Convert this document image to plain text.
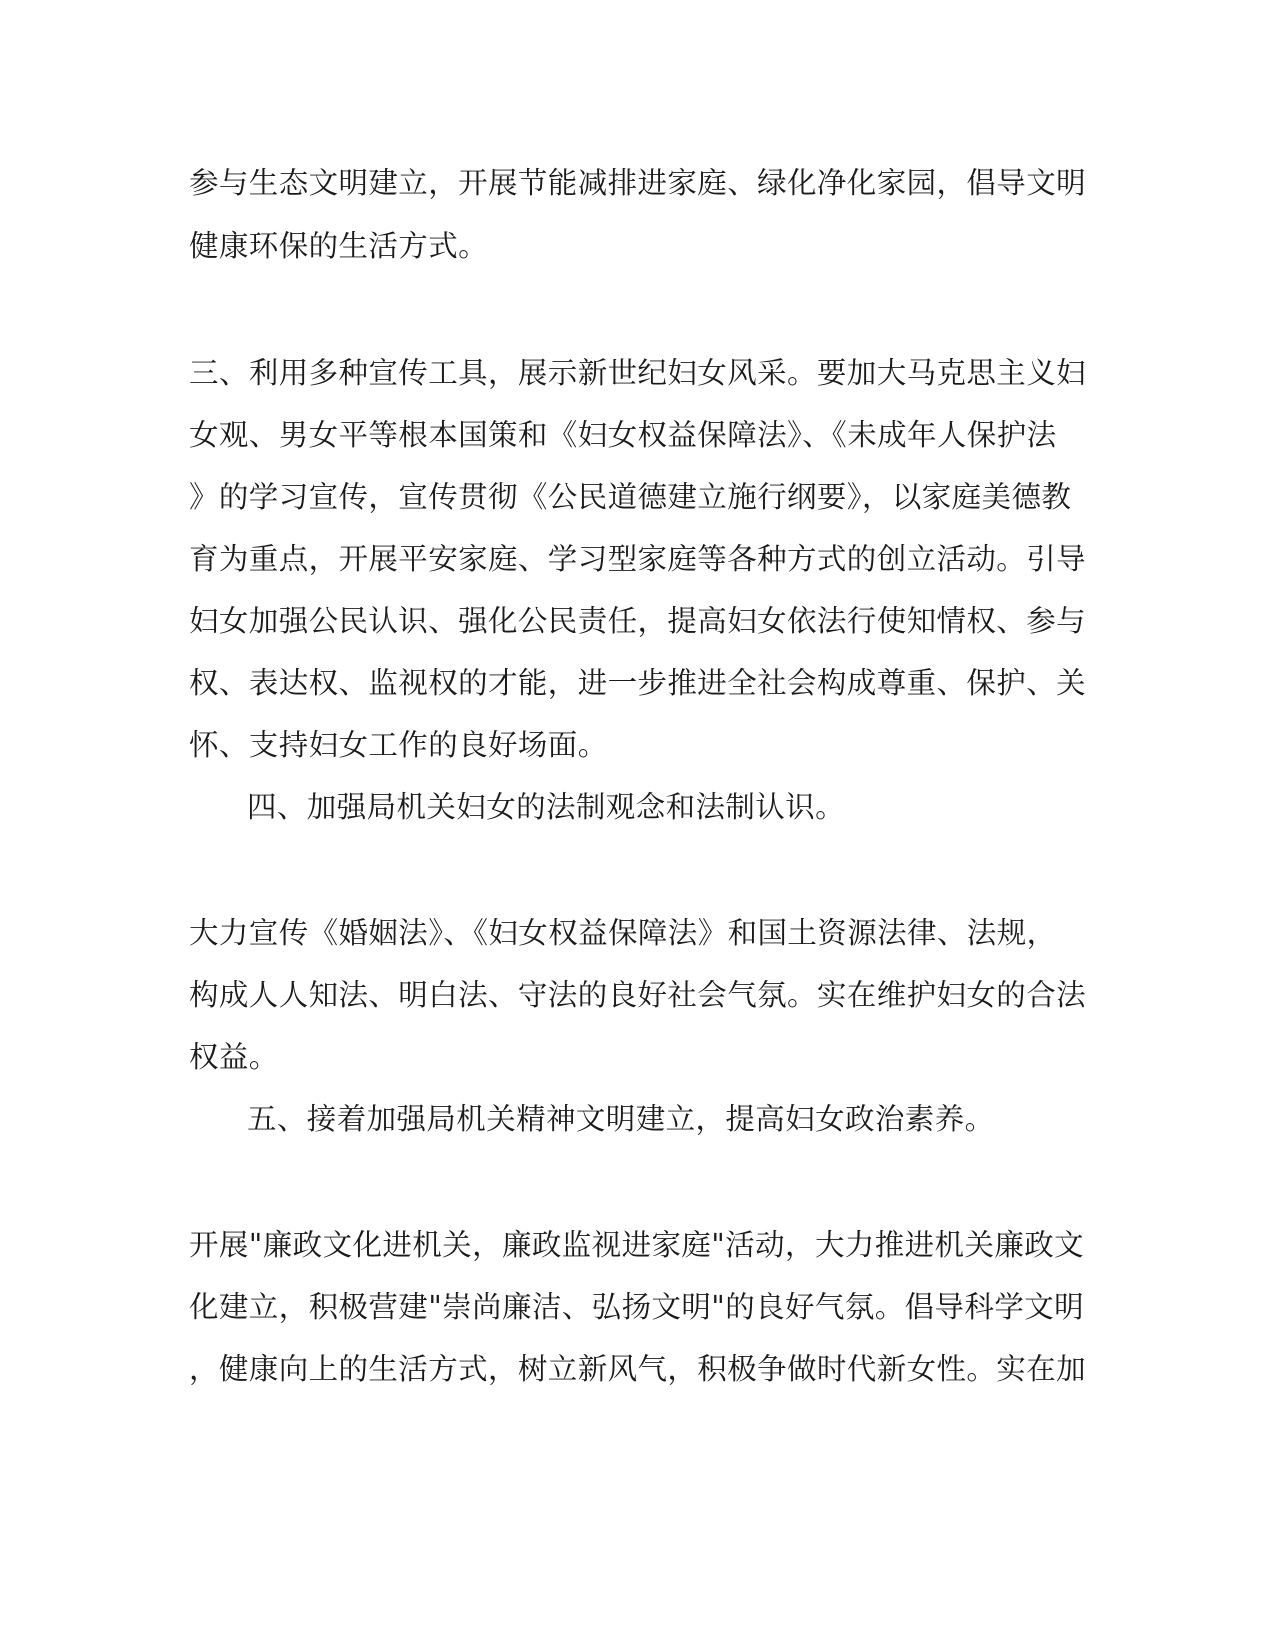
参与生态文明建立，开展节能减排进家庭、绿化净化家园，倡导文明
健康环保的生活方式。
三、利用多种宣传工具，展示新世纪妇女风采。要加大马克思主义妇
女观、男女平等根本国策和《妇女权益保障法》、《未成年人保护法
》的学习宣传，宣传贯彻《公民道德建立施行纲要》，以家庭美德教
育为重点，开展平安家庭、学习型家庭等各种方式的创立活动。引导
妇女加强公民认识、强化公民责任，提高妇女依法行使知情权、参与
权、表达权、监视权的才能，进一步推进全社会构成尊重、保护、关
怀、支持妇女工作的良好场面。
四、加强局机关妇女的法制观念和法制认识。
大力宣传《婚姻法》、《妇女权益保障法》和国土资源法律、法规，
构成人人知法、明白法、守法的良好社会气氛。实在维护妇女的合法
权益。
五、接着加强局机关精神文明建立，提高妇女政治素养。
开展"廉政文化进机关，廉政监视进家庭"活动，大力推进机关廉政文
化建立，积极营建"崇尚廉洁、弘扬文明"的良好气氛。倡导科学文明
，健康向上的生活方式，树立新风气，积极争做时代新女性。实在加
